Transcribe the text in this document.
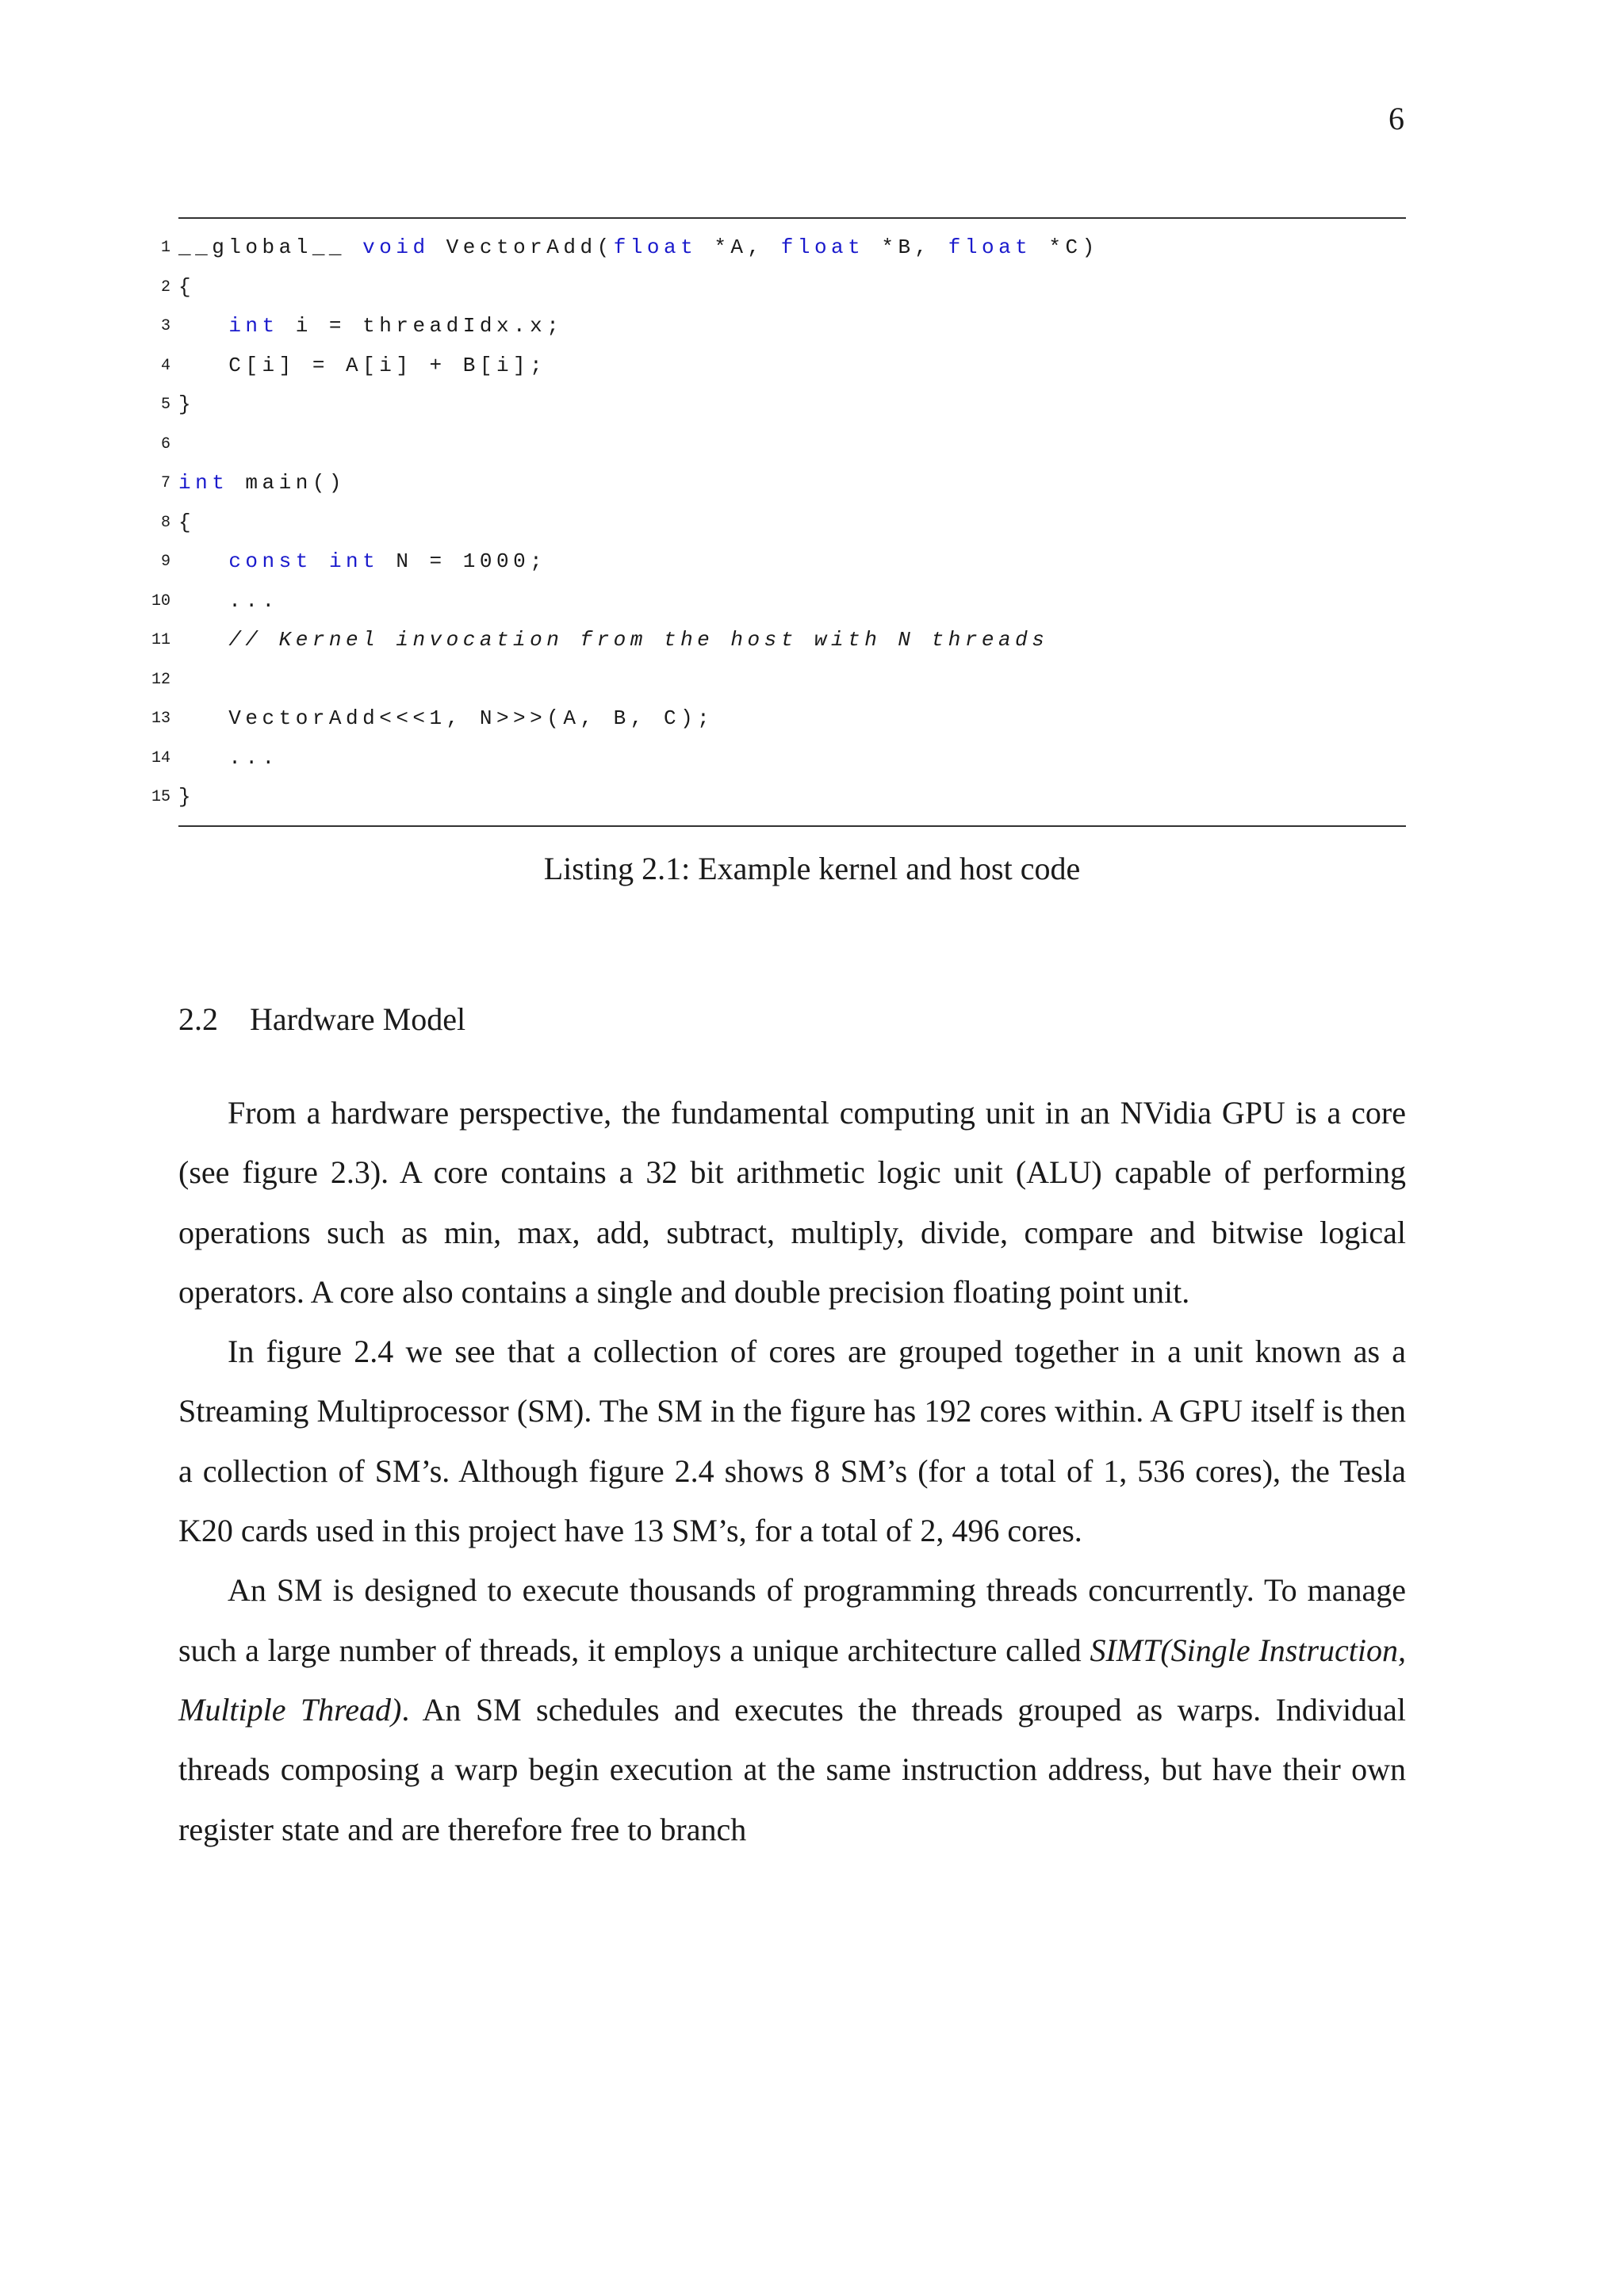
6
1 __global__ void VectorAdd(float *A, float *B, float *C)
2 {
3	int i = threadIdx.x;
4 C[i] = A[i] + B[i];
5 }
6
7 int main()
8 {
9	const int N = 1000;
10 ...
11	// Kernel invocation from the host with N threads
12
13 VectorAdd<<<1, N>>>(A, B, C);
14 ...
15 }
Listing 2.1: Example kernel and host code
2.2 Hardware Model

From a hardware perspective, the fundamental computing unit in an NVidia GPU is a core (see figure 2.3). A core contains a 32 bit arithmetic logic unit (ALU) capable of performing operations such as min, max, add, subtract, multiply, divide, compare and bitwise logical operators. A core also contains a single and double precision floating point unit.

In figure 2.4 we see that a collection of cores are grouped together in a unit known as a Streaming Multiprocessor (SM). The SM in the figure has 192 cores within. A GPU itself is then a collection of SM’s. Although figure 2.4 shows 8 SM’s (for a total of 1, 536 cores), the Tesla K20 cards used in this project have 13 SM’s, for a total of 2, 496 cores.

An SM is designed to execute thousands of programming threads concurrently. To manage such a large number of threads, it employs a unique architecture called SIMT(Single Instruction, Multiple Thread). An SM schedules and executes the threads grouped as warps. Individual threads composing a warp begin execution at the same instruction address, but have their own register state and are therefore free to branch
